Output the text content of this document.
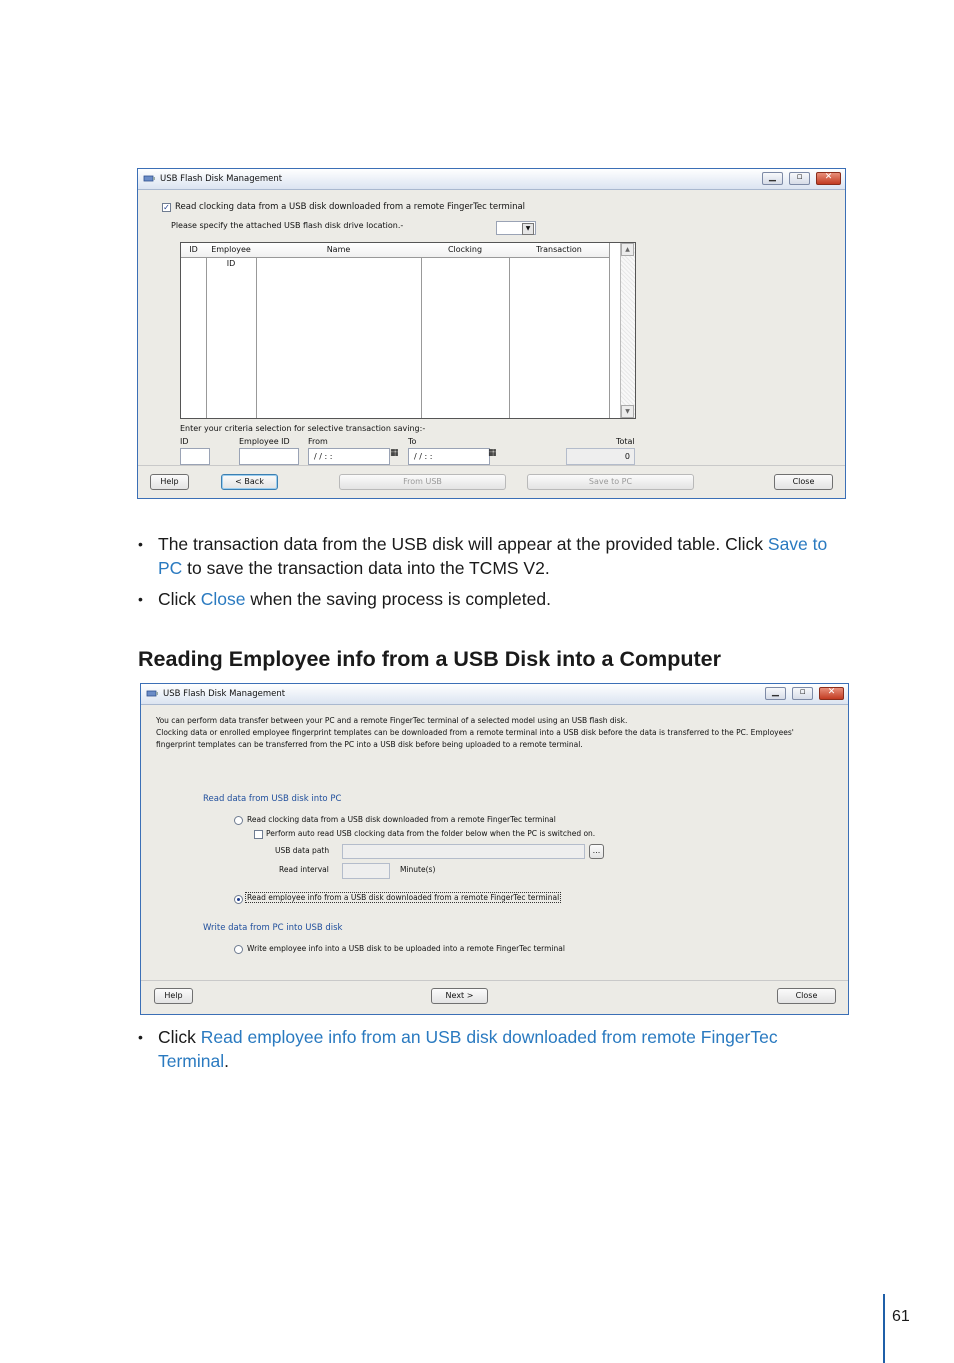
USB Flash Disk Management	▁	▫	✕
✓ Read clocking data from a USB disk downloaded from a remote FingerTec terminal
Please specify the attached USB flash disk drive location.-	▼
ID	Employee ID
Name	Clocking	Transaction	▲
▼
Enter your criteria selection for selective transaction saving:-
ID	Employee ID From	To	Total
/ / : :	▦	/ / : :	▦	0
Help	< Back	From USB	Save to PC	Close
• The transaction data from the USB disk will appear at the provided table. Click Save to PC to save the transaction data into the TCMS V2.
• Click Close when the saving process is completed.
Reading Employee info from a USB Disk into a Computer
USB Flash Disk Management	▁	▫	✕
You can perform data transfer between your PC and a remote FingerTec terminal of a selected model using an USB flash disk.
Clocking data or enrolled employee fingerprint templates can be downloaded from a remote terminal into a USB disk before the data is transferred to the PC. Employees'
fingerprint templates can be transferred from the PC into a USB disk before being uploaded to a remote terminal.
Read data from USB disk into PC
Read clocking data from a USB disk downloaded from a remote FingerTec terminal
Perform auto read USB clocking data from the folder below when the PC is switched on.
USB data path	...
Read interval	Minute(s)
Read employee info from a USB disk downloaded from a remote FingerTec terminal
Write data from PC into USB disk
Write employee info into a USB disk to be uploaded into a remote FingerTec terminal
Help	Next >	Close
• Click Read employee info from an USB disk downloaded from remote FingerTec Terminal.
61
